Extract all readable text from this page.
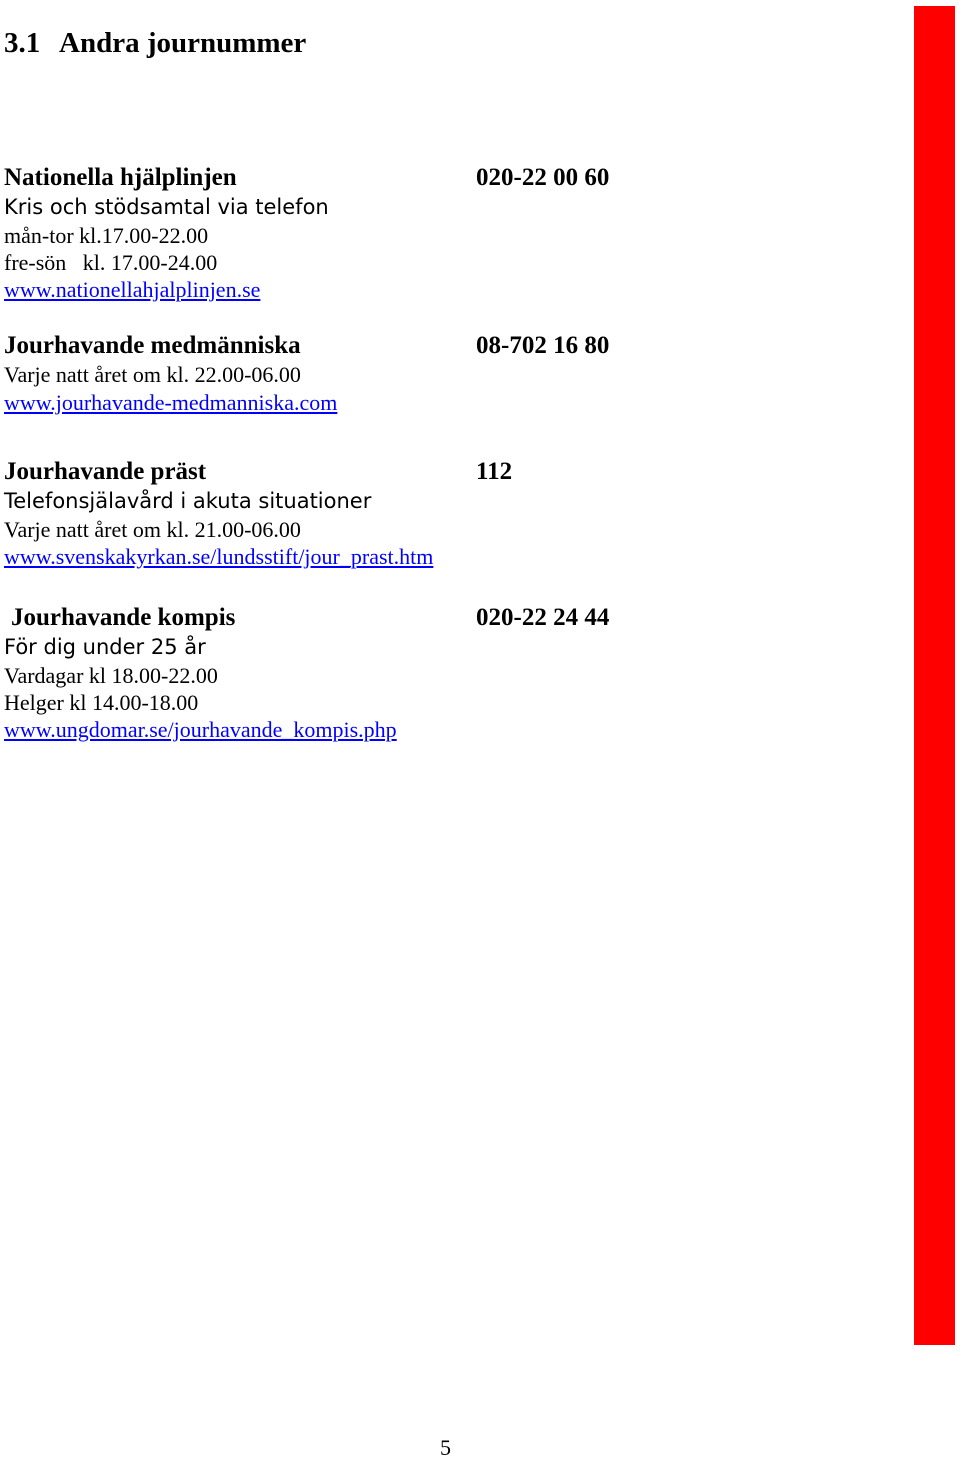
3.1 Andra journummer
Nationella hjälplinjen	020-22 00 60
Kris och stödsamtal via telefon
mån-tor kl.17.00-22.00
fre-sön   kl. 17.00-24.00
www.nationellahjalplinjen.se
Jourhavande medmänniska	08-702 16 80
Varje natt året om kl. 22.00-06.00
www.jourhavande-medmanniska.com
Jourhavande präst	112
Telefonsjälavård i akuta situationer
Varje natt året om kl. 21.00-06.00
www.svenskakyrkan.se/lundsstift/jour_prast.htm
Jourhavande kompis	020-22 24 44
För dig under 25 år
Vardagar kl 18.00-22.00
Helger kl 14.00-18.00
www.ungdomar.se/jourhavande_kompis.php
5
